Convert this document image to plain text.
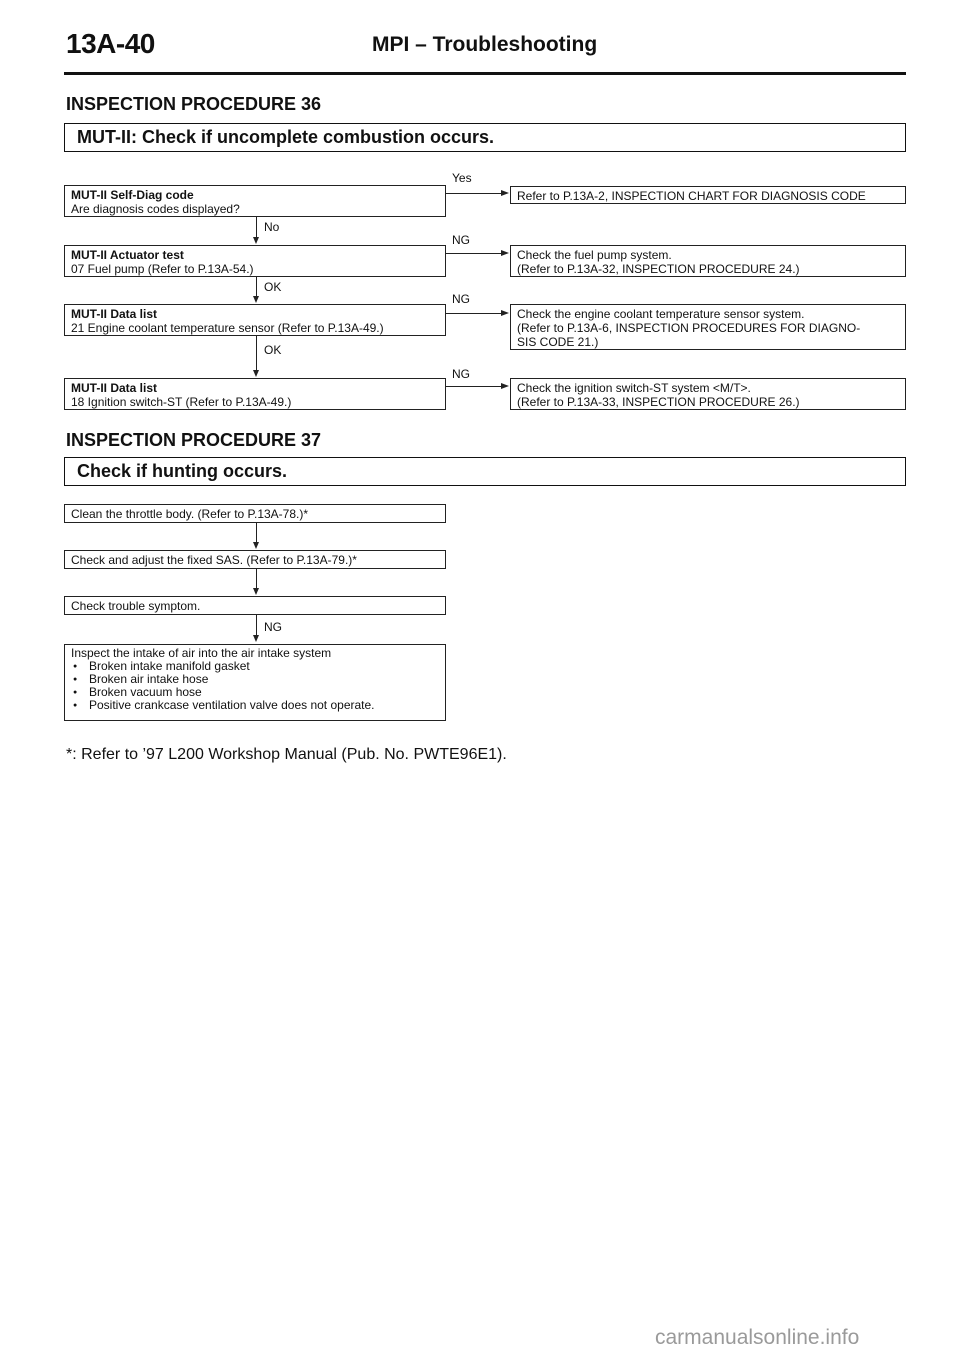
13A-40	MPI – Troubleshooting
INSPECTION PROCEDURE 36
MUT-II: Check if uncomplete combustion occurs.
MUT-II Self-Diag code
Are diagnosis codes displayed?
Yes
Refer to P.13A-2, INSPECTION CHART FOR DIAGNOSIS CODE
No
MUT-II Actuator test
07 Fuel pump (Refer to P.13A-54.)
NG
Check the fuel pump system.
(Refer to P.13A-32, INSPECTION PROCEDURE 24.)
OK
MUT-II Data list
21 Engine coolant temperature sensor (Refer to P.13A-49.)
NG
Check the engine coolant temperature sensor system.
(Refer to P.13A-6, INSPECTION PROCEDURES FOR DIAGNO-
SIS CODE 21.)
OK
MUT-II Data list
18 Ignition switch-ST (Refer to P.13A-49.)
NG
Check the ignition switch-ST system <M/T>.
(Refer to P.13A-33, INSPECTION PROCEDURE 26.)
INSPECTION PROCEDURE 37
Check if hunting occurs.
Clean the throttle body. (Refer to P.13A-78.)*
Check and adjust the fixed SAS. (Refer to P.13A-79.)*
Check trouble symptom.
NG
Inspect the intake of air into the air intake system
● Broken intake manifold gasket
● Broken air intake hose
● Broken vacuum hose
● Positive crankcase ventilation valve does not operate.
*: Refer to ’97 L200 Workshop Manual (Pub. No. PWTE96E1).
carmanualsonline.info
